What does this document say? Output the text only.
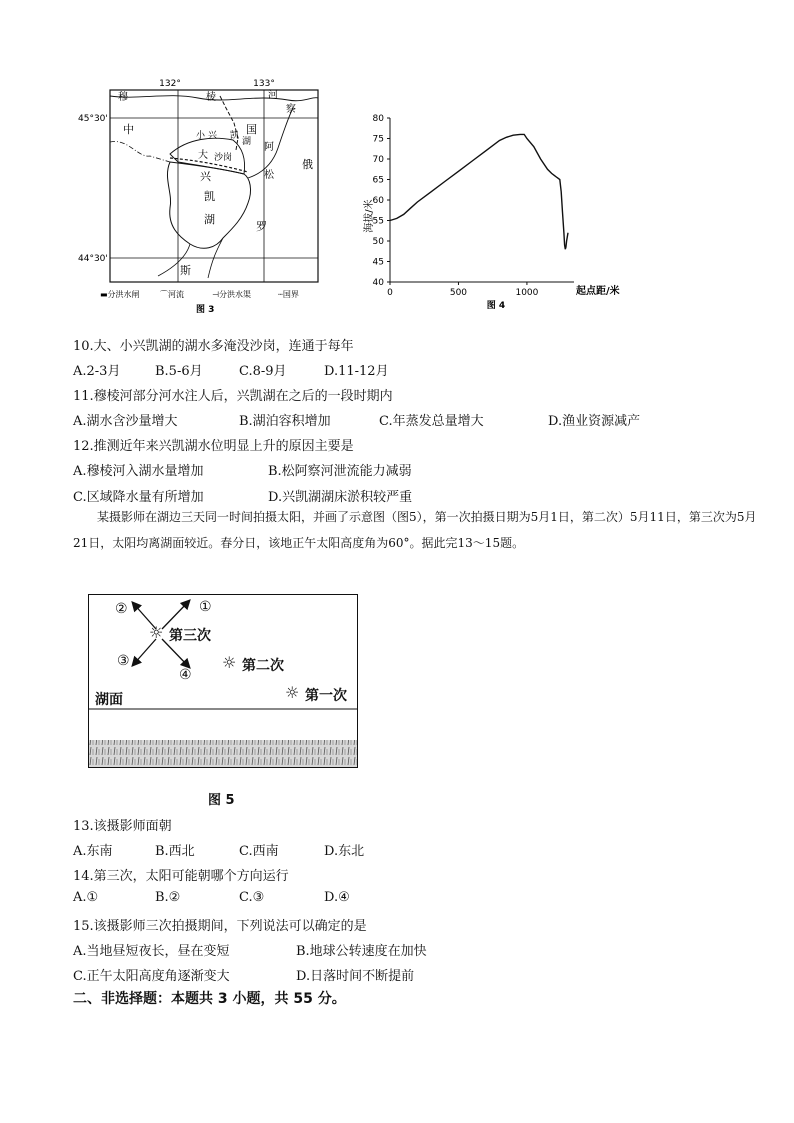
132°	133°
45°30'
44°30'
穆	棱	河
察
中	国
阿
俄
松
小 兴 凯
湖
大 沙岗
兴
凯
湖
罗
斯
▬分洪水闸	⌒河流	⊣分洪水渠	┄国界
图 3
80
75
70
65
60
55
50
45
40
0	500	1000
海拔/米
起点距/米
图 4
10.大、小兴凯湖的湖水多淹没沙岗，连通于每年
A.2-3月	B.5-6月	C.8-9月	D.11-12月
11.穆棱河部分河水注人后，兴凯湖在之后的一段时期内
A.湖水含沙量增大	B.湖泊容积增加	C.年蒸发总量增大	D.渔业资源减产
12.推测近年来兴凯湖水位明显上升的原因主要是
A.穆棱河入湖水量增加	B.松阿察河泄流能力减弱
C.区域降水量有所增加	D.兴凯湖湖床淤积较严重
某摄影师在湖边三天同一时间拍摄太阳，并画了示意图（图5），第一次拍摄日期为5月1日，第二次）5月11日，第三次为5月21日，太阳均离湖面较近。春分日，该地正午太阳高度角为60°。据此完13～15题。
①
②
③
④
☼ 第三次
☼ 第二次
☼ 第一次
湖面
图 5
13.该摄影师面朝
A.东南	B.西北	C.西南	D.东北
14.第三次，太阳可能朝哪个方向运行
A.①	B.②	C.③	D.④
15.该摄影师三次拍摄期间，下列说法可以确定的是
A.当地昼短夜长，昼在变短	B.地球公转速度在加快
C.正午太阳高度角逐渐变大	D.日落时间不断提前
二、非选择题：本题共 3 小题，共 55 分。
